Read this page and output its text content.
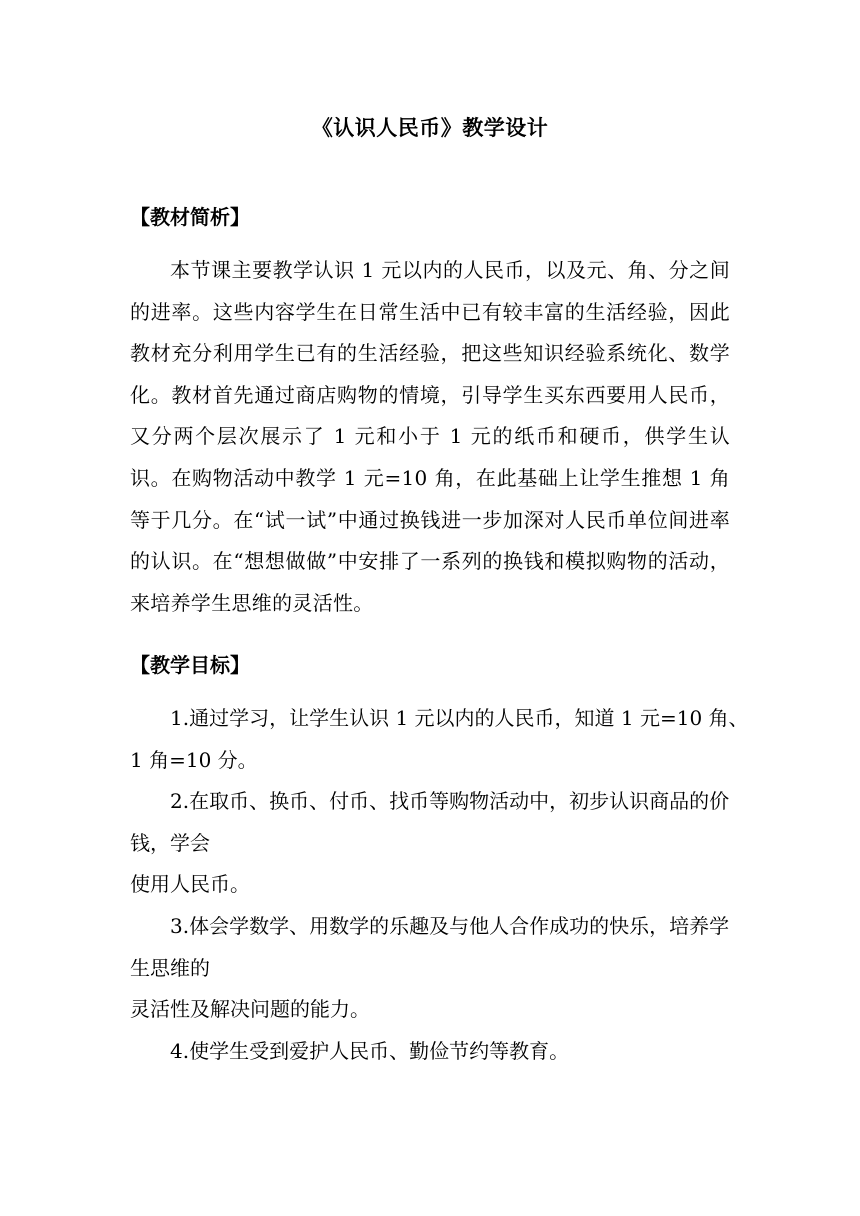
《认识人民币》教学设计
【教材简析】

本节课主要教学认识 1 元以内的人民币，以及元、角、分之间的进率。这些内容学生在日常生活中已有较丰富的生活经验，因此教材充分利用学生已有的生活经验，把这些知识经验系统化、数学化。教材首先通过商店购物的情境，引导学生买东西要用人民币，又分两个层次展示了 1 元和小于 1 元的纸币和硬币，供学生认识。在购物活动中教学 1 元=10 角，在此基础上让学生推想 1 角等于几分。在“试一试”中通过换钱进一步加深对人民币单位间进率的认识。在“想想做做”中安排了一系列的换钱和模拟购物的活动，来培养学生思维的灵活性。

【教学目标】

1.通过学习，让学生认识 1 元以内的人民币，知道 1 元=10 角、

1 角=10 分。

2.在取币、换币、付币、找币等购物活动中，初步认识商品的价

钱，学会

使用人民币。

3.体会学数学、用数学的乐趣及与他人合作成功的快乐，培养学

生思维的

灵活性及解决问题的能力。

4.使学生受到爱护人民币、勤俭节约等教育。
